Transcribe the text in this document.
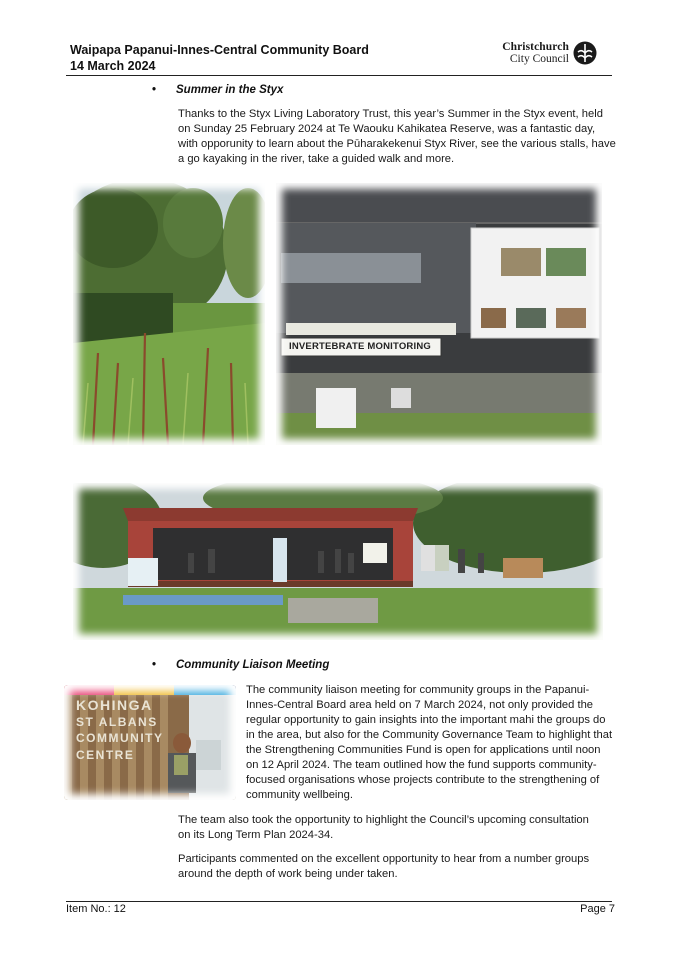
Waipapa Papanui-Innes-Central Community Board
14 March 2024
Christchurch
City Council
• Summer in the Styx
Thanks to the Styx Living Laboratory Trust, this year’s Summer in the Styx event, held on Sunday 25 February 2024 at Te Waouku Kahikatea Reserve, was a fantastic day, with opporunity to learn about the Pūharakekenui Styx River, see the various stalls, have a go kayaking in the river, take a guided walk and more.
INVERTEBRATE MONITORING
• Community Liaison Meeting
KOHINGA
ST ALBANS
COMMUNITY
CENTRE
The community liaison meeting for community groups in the Papanui-Innes-Central Board area held on 7 March 2024, not only provided the regular opportunity to gain insights into the important mahi the groups do in the area, but also for the Community Governance Team to highlight that the Strengthening Communities Fund is open for applications until noon on 12 April 2024. The team outlined how the fund supports community-focused organisations whose projects contribute to the strengthening of community wellbeing.
The team also took the opportunity to highlight the Council’s upcoming consultation on its Long Term Plan 2024-34.
Participants commented on the excellent opportunity to hear from a number groups around the depth of work being under taken.
Item No.: 12	Page 7
